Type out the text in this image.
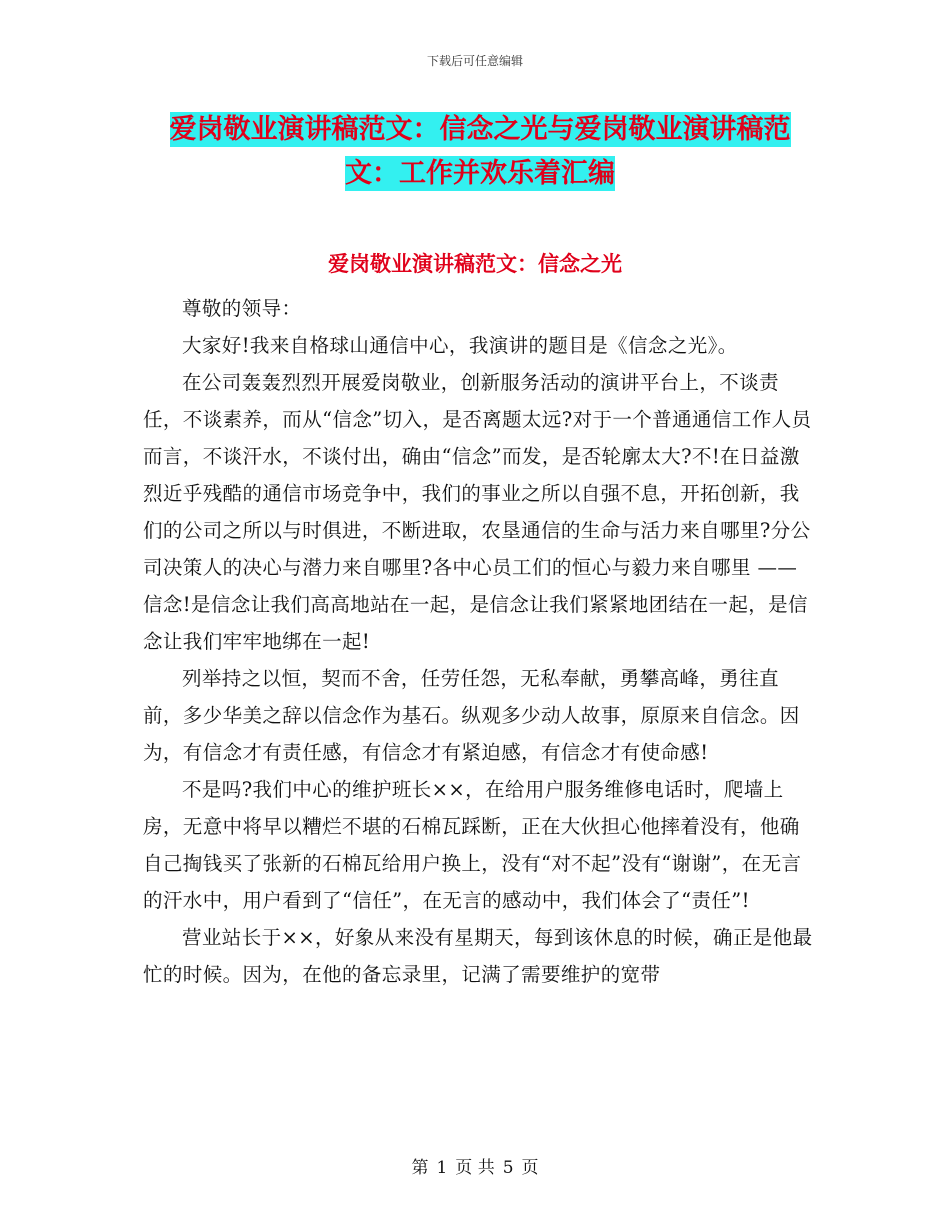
下载后可任意编辑
爱岗敬业演讲稿范文：信念之光与爱岗敬业演讲稿范
文：工作并欢乐着汇编
爱岗敬业演讲稿范文：信念之光

尊敬的领导：

大家好!我来自格球山通信中心，我演讲的题目是《信念之光》。

在公司轰轰烈烈开展爱岗敬业，创新服务活动的演讲平台上，不谈责任，不谈素养，而从“信念”切入，是否离题太远?对于一个普通通信工作人员而言，不谈汗水，不谈付出，确由“信念”而发，是否轮廓太大?不!在日益激烈近乎残酷的通信市场竞争中，我们的事业之所以自强不息，开拓创新，我们的公司之所以与时俱进，不断进取，农垦通信的生命与活力来自哪里?分公司决策人的决心与潜力来自哪里?各中心员工们的恒心与毅力来自哪里 ——信念!是信念让我们高高地站在一起，是信念让我们紧紧地团结在一起，是信念让我们牢牢地绑在一起!

列举持之以恒，契而不舍，任劳任怨，无私奉献，勇攀高峰，勇往直前，多少华美之辞以信念作为基石。纵观多少动人故事，原原来自信念。因为，有信念才有责任感，有信念才有紧迫感，有信念才有使命感!

不是吗?我们中心的维护班长××，在给用户服务维修电话时，爬墙上房，无意中将早以糟烂不堪的石棉瓦踩断，正在大伙担心他摔着没有，他确自己掏钱买了张新的石棉瓦给用户换上，没有“对不起”没有“谢谢”，在无言的汗水中，用户看到了“信任”，在无言的感动中，我们体会了“责任”!

营业站长于××，好象从来没有星期天，每到该休息的时候，确正是他最忙的时候。因为，在他的备忘录里，记满了需要维护的宽带

第 1 页 共 5 页
